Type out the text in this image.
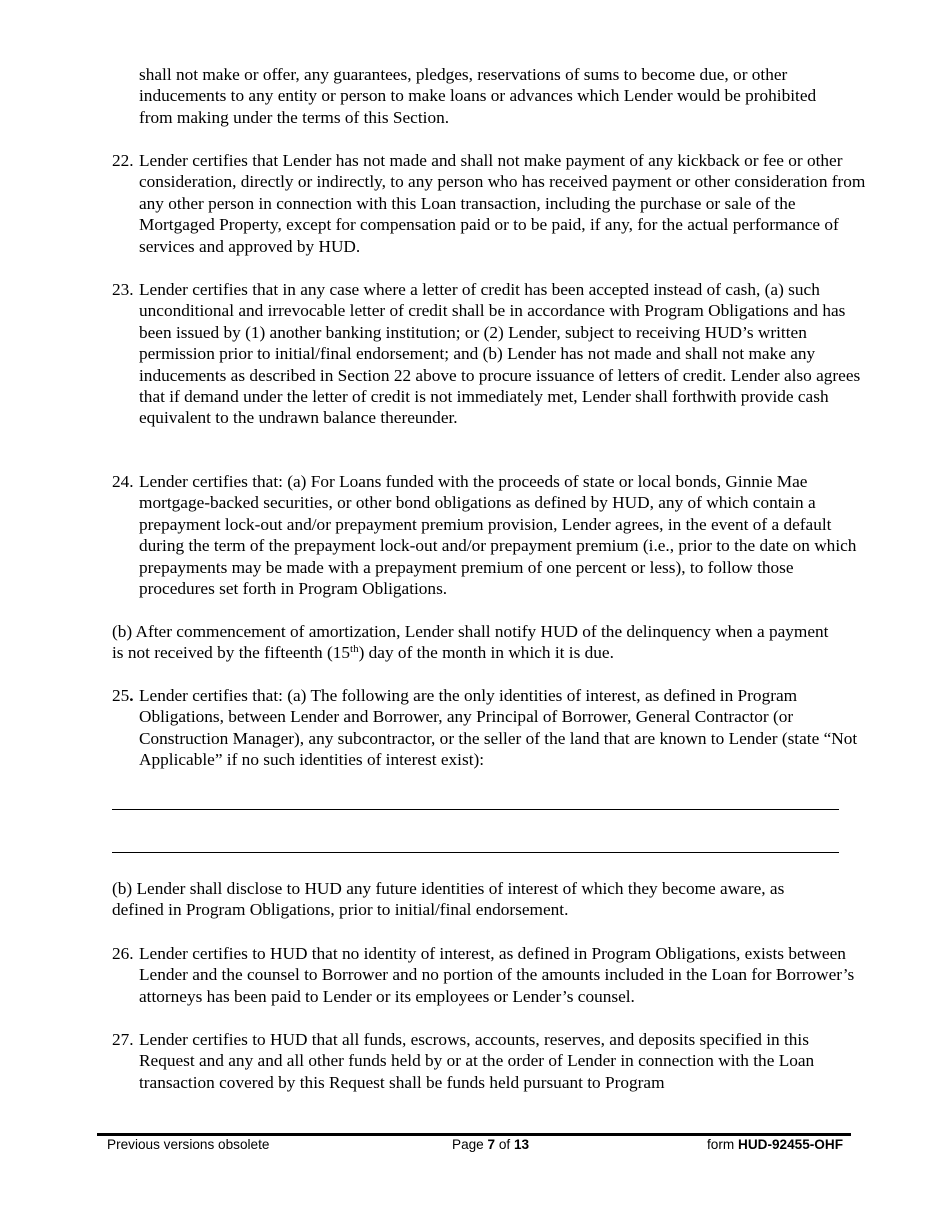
shall not make or offer, any guarantees, pledges, reservations of sums to become due, or other inducements to any entity or person to make loans or advances which Lender would be prohibited from making under the terms of this Section.

22. Lender certifies that Lender has not made and shall not make payment of any kickback or fee or other consideration, directly or indirectly, to any person who has received payment or other consideration from any other person in connection with this Loan transaction, including the purchase or sale of the Mortgaged Property, except for compensation paid or to be paid, if any, for the actual performance of services and approved by HUD.

23. Lender certifies that in any case where a letter of credit has been accepted instead of cash, (a) such unconditional and irrevocable letter of credit shall be in accordance with Program Obligations and has been issued by (1) another banking institution; or (2) Lender, subject to receiving HUD’s written permission prior to initial/final endorsement; and (b) Lender has not made and shall not make any inducements as described in Section 22 above to procure issuance of letters of credit. Lender also agrees that if demand under the letter of credit is not immediately met, Lender shall forthwith provide cash equivalent to the undrawn balance thereunder.

24. Lender certifies that: (a) For Loans funded with the proceeds of state or local bonds, Ginnie Mae mortgage-backed securities, or other bond obligations as defined by HUD, any of which contain a prepayment lock-out and/or prepayment premium provision, Lender agrees, in the event of a default during the term of the prepayment lock-out and/or prepayment premium (i.e., prior to the date on which prepayments may be made with a prepayment premium of one percent or less), to follow those procedures set forth in Program Obligations.

(b) After commencement of amortization, Lender shall notify HUD of the delinquency when a payment is not received by the fifteenth (15th) day of the month in which it is due.

25. Lender certifies that: (a) The following are the only identities of interest, as defined in Program Obligations, between Lender and Borrower, any Principal of Borrower, General Contractor (or Construction Manager), any subcontractor, or the seller of the land that are known to Lender (state “Not Applicable” if no such identities of interest exist):

(b) Lender shall disclose to HUD any future identities of interest of which they become aware, as defined in Program Obligations, prior to initial/final endorsement.

26. Lender certifies to HUD that no identity of interest, as defined in Program Obligations, exists between Lender and the counsel to Borrower and no portion of the amounts included in the Loan for Borrower’s attorneys has been paid to Lender or its employees or Lender’s counsel.

27. Lender certifies to HUD that all funds, escrows, accounts, reserves, and deposits specified in this Request and any and all other funds held by or at the order of Lender in connection with the Loan transaction covered by this Request shall be funds held pursuant to Program

Previous versions obsolete	Page 7 of 13	form HUD-92455-OHF
